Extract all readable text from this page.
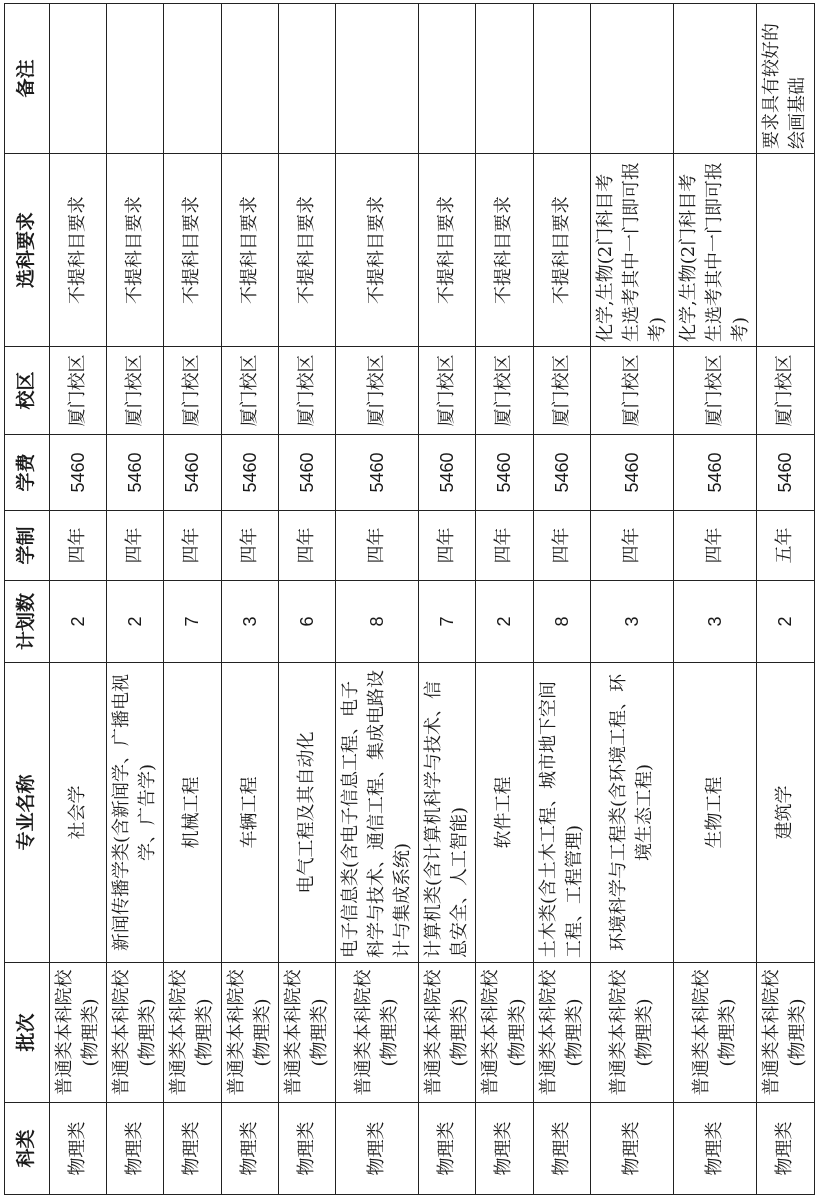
科类	批次	专业名称	计划数	学制	学费	校区	选科要求	备注
物理类	普通类本科院校(物理类)	社会学	2	四年	5460	厦门校区	不提科目要求	
物理类	普通类本科院校(物理类)	新闻传播学类(含新闻学、广播电视学、广告学)	2	四年	5460	厦门校区	不提科目要求	
物理类	普通类本科院校(物理类)	机械工程	7	四年	5460	厦门校区	不提科目要求	
物理类	普通类本科院校(物理类)	车辆工程	3	四年	5460	厦门校区	不提科目要求	
物理类	普通类本科院校(物理类)	电气工程及其自动化	6	四年	5460	厦门校区	不提科目要求	
物理类	普通类本科院校(物理类)	电子信息类(含电子信息工程、电子科学与技术、通信工程、集成电路设计与集成系统)	8	四年	5460	厦门校区	不提科目要求	
物理类	普通类本科院校(物理类)	计算机类(含计算机科学与技术、信息安全、人工智能)	7	四年	5460	厦门校区	不提科目要求	
物理类	普通类本科院校(物理类)	软件工程	2	四年	5460	厦门校区	不提科目要求	
物理类	普通类本科院校(物理类)	土木类(含土木工程、城市地下空间工程、工程管理)	8	四年	5460	厦门校区	不提科目要求	
物理类	普通类本科院校(物理类)	环境科学与工程类(含环境工程、环境生态工程)	3	四年	5460	厦门校区	化学,生物(2门科目考生选考其中一门即可报考)	
物理类	普通类本科院校(物理类)	生物工程	3	四年	5460	厦门校区	化学,生物(2门科目考生选考其中一门即可报考)	
物理类	普通类本科院校(物理类)	建筑学	2	五年	5460	厦门校区		要求具有较好的绘画基础
